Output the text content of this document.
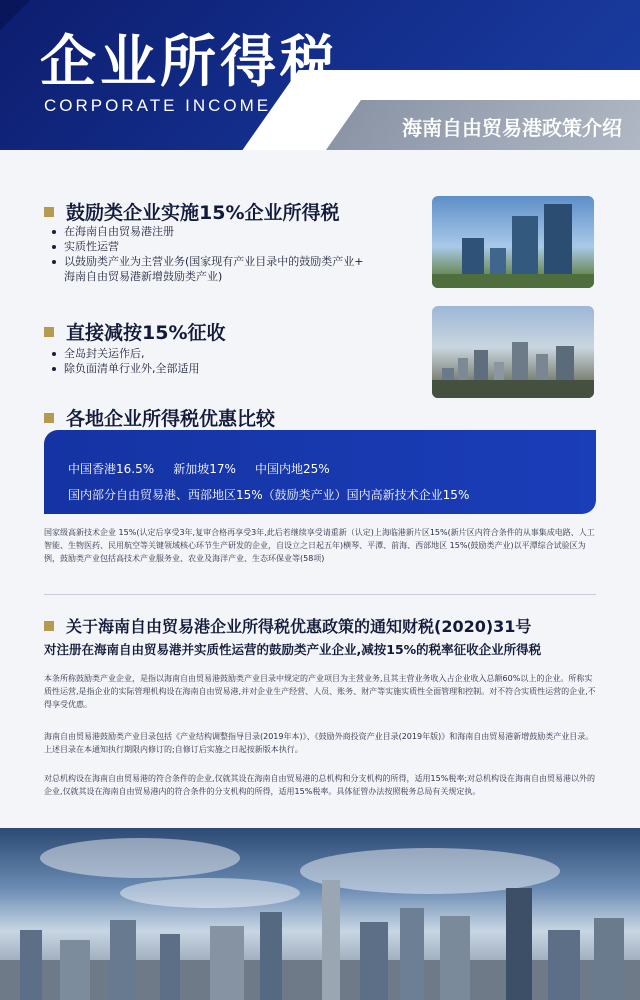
企业所得税
CORPORATE INCOME TAX
海南自由贸易港政策介绍
鼓励类企业实施15%企业所得税
在海南自由贸易港注册
实质性运营
以鼓励类产业为主营业务(国家现有产业目录中的鼓励类产业+
海南自由贸易港新增鼓励类产业)
直接减按15%征收
全岛封关运作后,
除负面清单行业外,全部适用
各地企业所得税优惠比较
中国香港16.5%     新加坡17%     中国内地25%
国内部分自由贸易港、西部地区15%（鼓励类产业）国内高新技术企业15%
国家级高新技术企业 15%(认定后享受3年,复审合格再享受3年,此后若继续享受请重新（认定)上海临港新片区15%(新片区内符合条件的从事集成电路、人工智能、生物医药、民用航空等关键领域核心环节生产研发的企业，自设立之日起五年)横琴、平潭、前海、西部地区 15%(鼓励类产业)以平潭综合试验区为例，鼓励类产业包括高技术产业服务业、农业及海洋产业、生态环保业等(58项)
关于海南自由贸易港企业所得税优惠政策的通知财税(2020)31号
对注册在海南自由贸易港并实质性运营的鼓励类产业企业,减按15%的税率征收企业所得税
本条所称鼓励类产业企业，是指以海南自由贸易港鼓励类产业目录中规定的产业项目为主营业务,且其主营业务收入占企业收入总额60%以上的企业。所称实质性运营,是指企业的实际管理机构设在海南自由贸易港,并对企业生产经营、人员、账务、财产等实施实质性全面管理和控制。对不符合实质性运营的企业,不得享受优惠。
海南自由贸易港鼓励类产业目录包括《产业结构调整指导目录(2019年本)》、《鼓励外商投资产业目录(2019年版)》和海南自由贸易港新增鼓励类产业目录。上述目录在本通知执行期限内修订的;自修订后实施之日起按新版本执行。
对总机构设在海南自由贸易港的符合条件的企业,仅就其设在海南自由贸易港的总机构和分支机构的所得，适用15%税率;对总机构设在海南自由贸易港以外的企业,仅就其设在海南自由贸易港内的符合条件的分支机构的所得，适用15%税率。具体征管办法按照税务总局有关规定执。
